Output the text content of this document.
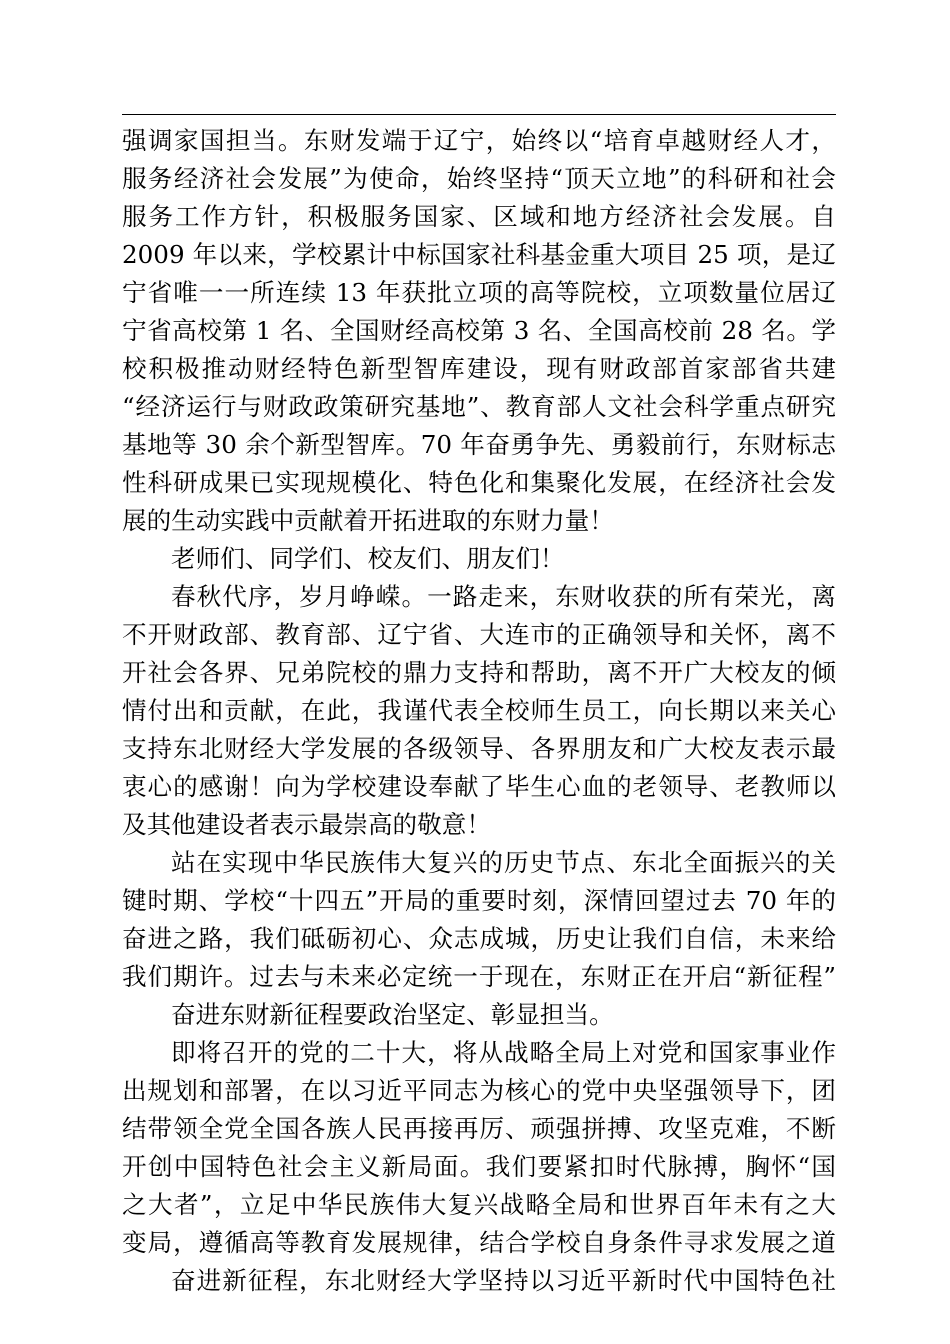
强调家国担当。东财发端于辽宁，始终以“培育卓越财经人才，
服务经济社会发展”为使命，始终坚持“顶天立地”的科研和社会
服务工作方针，积极服务国家、区域和地方经济社会发展。自
2009 年以来，学校累计中标国家社科基金重大项目 25 项，是辽
宁省唯一一所连续 13 年获批立项的高等院校，立项数量位居辽
宁省高校第 1 名、全国财经高校第 3 名、全国高校前 28 名。学
校积极推动财经特色新型智库建设，现有财政部首家部省共建
“经济运行与财政政策研究基地”、教育部人文社会科学重点研究
基地等 30 余个新型智库。70 年奋勇争先、勇毅前行，东财标志
性科研成果已实现规模化、特色化和集聚化发展，在经济社会发
展的生动实践中贡献着开拓进取的东财力量！
老师们、同学们、校友们、朋友们！
春秋代序，岁月峥嵘。一路走来，东财收获的所有荣光，离
不开财政部、教育部、辽宁省、大连市的正确领导和关怀，离不
开社会各界、兄弟院校的鼎力支持和帮助，离不开广大校友的倾
情付出和贡献，在此，我谨代表全校师生员工，向长期以来关心
支持东北财经大学发展的各级领导、各界朋友和广大校友表示最
衷心的感谢！向为学校建设奉献了毕生心血的老领导、老教师以
及其他建设者表示最崇高的敬意！
站在实现中华民族伟大复兴的历史节点、东北全面振兴的关
键时期、学校“十四五”开局的重要时刻，深情回望过去 70 年的
奋进之路，我们砥砺初心、众志成城，历史让我们自信，未来给
我们期许。过去与未来必定统一于现在，东财正在开启“新征程”
奋进东财新征程要政治坚定、彰显担当。
即将召开的党的二十大，将从战略全局上对党和国家事业作
出规划和部署，在以习近平同志为核心的党中央坚强领导下，团
结带领全党全国各族人民再接再厉、顽强拼搏、攻坚克难，不断
开创中国特色社会主义新局面。我们要紧扣时代脉搏，胸怀“国
之大者”，立足中华民族伟大复兴战略全局和世界百年未有之大
变局，遵循高等教育发展规律，结合学校自身条件寻求发展之道
奋进新征程，东北财经大学坚持以习近平新时代中国特色社
